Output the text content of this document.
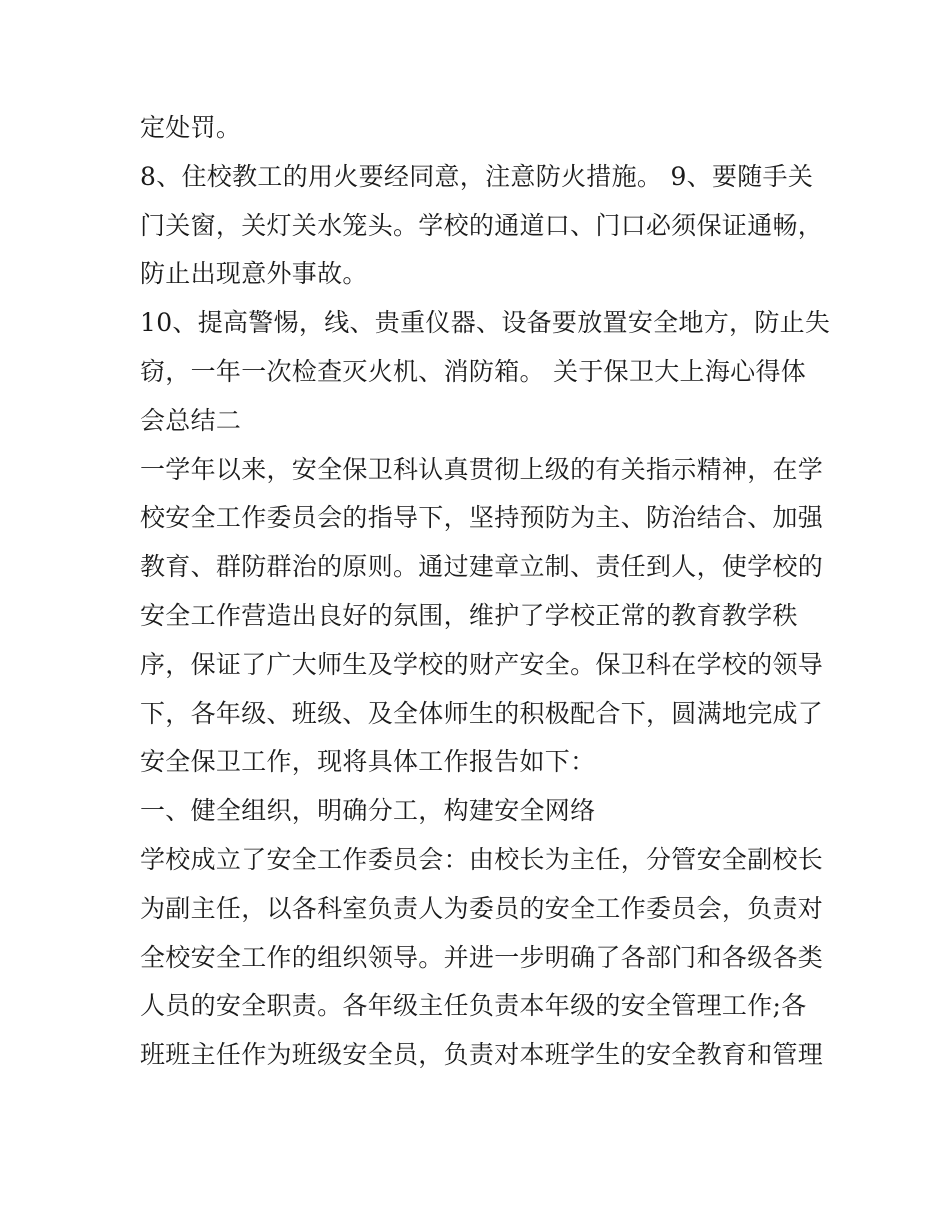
定处罚。
8、住校教工的用火要经同意，注意防火措施。 9、要随手关
门关窗，关灯关水笼头。学校的通道口、门口必须保证通畅，
防止出现意外事故。
10、提高警惕，线、贵重仪器、设备要放置安全地方，防止失
窃，一年一次检查灭火机、消防箱。 关于保卫大上海心得体
会总结二
一学年以来，安全保卫科认真贯彻上级的有关指示精神，在学
校安全工作委员会的指导下，坚持预防为主、防治结合、加强
教育、群防群治的原则。通过建章立制、责任到人，使学校的
安全工作营造出良好的氛围，维护了学校正常的教育教学秩
序，保证了广大师生及学校的财产安全。保卫科在学校的领导
下，各年级、班级、及全体师生的积极配合下，圆满地完成了
安全保卫工作，现将具体工作报告如下：
一、健全组织，明确分工，构建安全网络
学校成立了安全工作委员会：由校长为主任，分管安全副校长
为副主任，以各科室负责人为委员的安全工作委员会，负责对
全校安全工作的组织领导。并进一步明确了各部门和各级各类
人员的安全职责。各年级主任负责本年级的安全管理工作;各
班班主任作为班级安全员，负责对本班学生的安全教育和管理
